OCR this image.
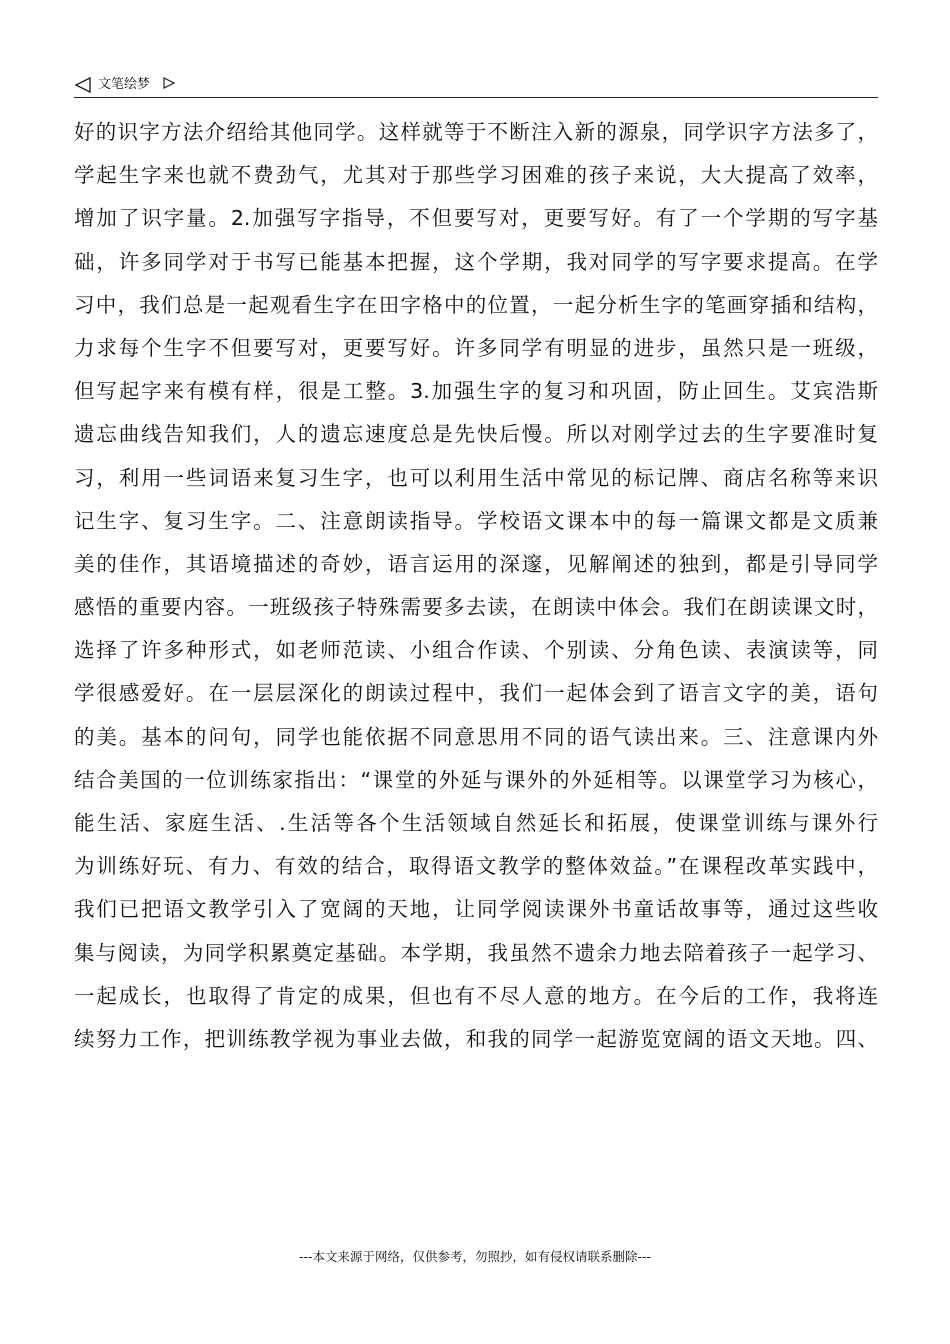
文笔绘梦
好的识字方法介绍给其他同学。这样就等于不断注入新的源泉，同学识字方法多了，
学起生字来也就不费劲气，尤其对于那些学习困难的孩子来说，大大提高了效率，
增加了识字量。2.加强写字指导，不但要写对，更要写好。有了一个学期的写字基
础，许多同学对于书写已能基本把握，这个学期，我对同学的写字要求提高。在学
习中，我们总是一起观看生字在田字格中的位置，一起分析生字的笔画穿插和结构，
力求每个生字不但要写对，更要写好。许多同学有明显的进步，虽然只是一班级，
但写起字来有模有样，很是工整。3.加强生字的复习和巩固，防止回生。艾宾浩斯
遗忘曲线告知我们，人的遗忘速度总是先快后慢。所以对刚学过去的生字要准时复
习，利用一些词语来复习生字，也可以利用生活中常见的标记牌、商店名称等来识
记生字、复习生字。二、注意朗读指导。学校语文课本中的每一篇课文都是文质兼
美的佳作，其语境描述的奇妙，语言运用的深邃，见解阐述的独到，都是引导同学
感悟的重要内容。一班级孩子特殊需要多去读，在朗读中体会。我们在朗读课文时，
选择了许多种形式，如老师范读、小组合作读、个别读、分角色读、表演读等，同
学很感爱好。在一层层深化的朗读过程中，我们一起体会到了语言文字的美，语句
的美。基本的问句，同学也能依据不同意思用不同的语气读出来。三、注意课内外
结合美国的一位训练家指出：“课堂的外延与课外的外延相等。以课堂学习为核心，
能生活、家庭生活、.生活等各个生活领域自然延长和拓展，使课堂训练与课外行
为训练好玩、有力、有效的结合，取得语文教学的整体效益。”在课程改革实践中，
我们已把语文教学引入了宽阔的天地，让同学阅读课外书童话故事等，通过这些收
集与阅读，为同学积累奠定基础。本学期，我虽然不遗余力地去陪着孩子一起学习、
一起成长，也取得了肯定的成果，但也有不尽人意的地方。在今后的工作，我将连
续努力工作，把训练教学视为事业去做，和我的同学一起游览宽阔的语文天地。四、
---本文来源于网络，仅供参考，勿照抄，如有侵权请联系删除---
